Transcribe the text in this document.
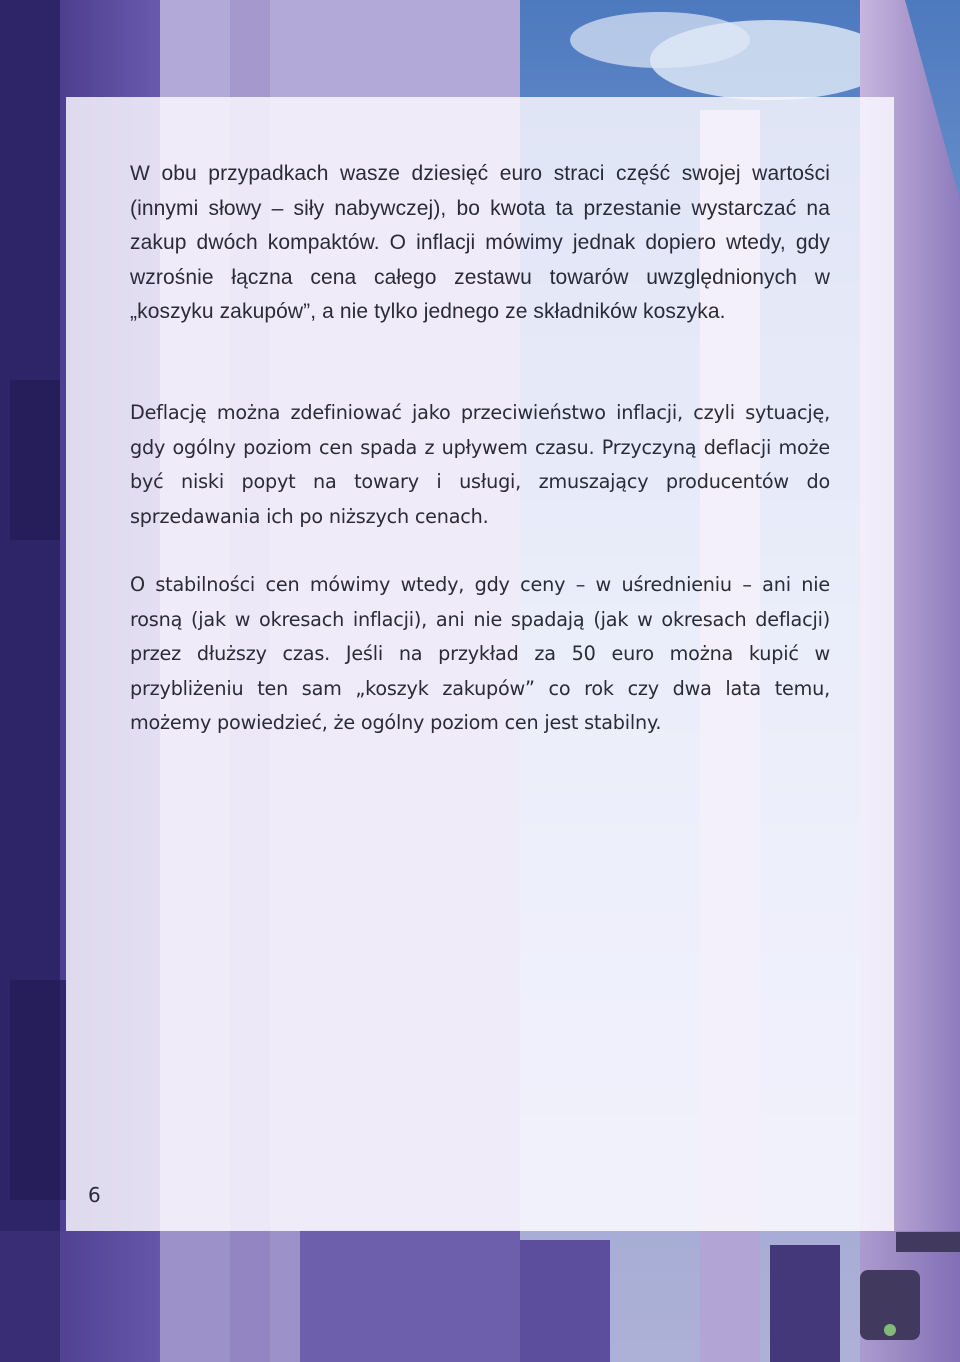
W obu przypadkach wasze dziesięć euro straci część swojej wartości (innymi słowy – siły nabywczej), bo kwota ta przestanie wystarczać na zakup dwóch kompaktów. O inflacji mówimy jednak dopiero wtedy, gdy wzrośnie łączna cena całego zestawu towarów uwzględnionych w „koszyku zakupów”, a nie tylko jednego ze składników koszyka.

Deflację można zdefiniować jako przeciwieństwo inflacji, czyli sytuację, gdy ogólny poziom cen spada z upływem czasu. Przyczyną deflacji może być niski popyt na towary i usługi, zmuszający producentów do sprzedawania ich po niższych cenach.

O stabilności cen mówimy wtedy, gdy ceny – w uśrednieniu – ani nie rosną (jak w okresach inflacji), ani nie spadają (jak w okresach deflacji) przez dłuższy czas. Jeśli na przykład za 50 euro można kupić w przybliżeniu ten sam „koszyk zakupów” co rok czy dwa lata temu, możemy powiedzieć, że ogólny poziom cen jest stabilny.

6
